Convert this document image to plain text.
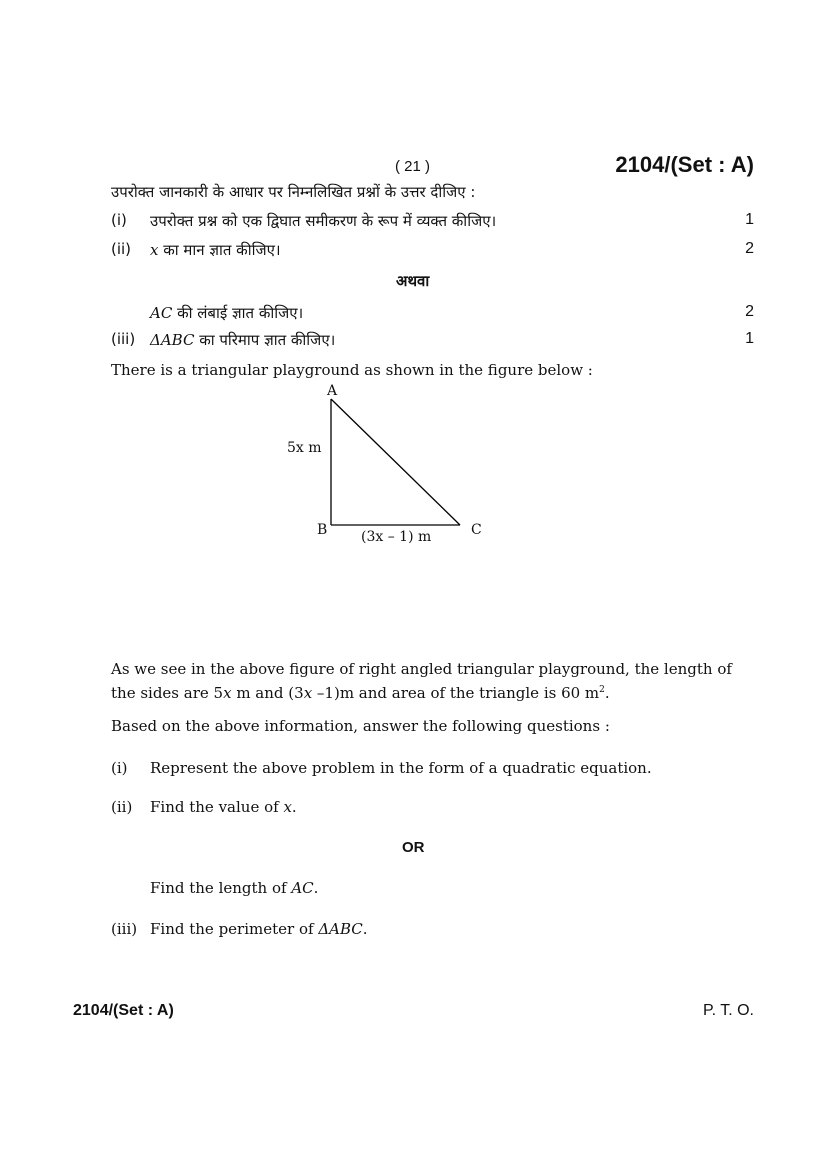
( 21 )	2104/(Set : A)
उपरोक्त जानकारी के आधार पर निम्नलिखित प्रश्नों के उत्तर दीजिए :
(i) उपरोक्त प्रश्न को एक द्विघात समीकरण के रूप में व्यक्त कीजिए।	1
(ii) x का मान ज्ञात कीजिए।	2
अथवा
AC की लंबाई ज्ञात कीजिए।	2
(iii) ΔABC का परिमाप ज्ञात कीजिए।	1
There is a triangular playground as shown in the figure below :
A
B	C
5x m
(3x – 1) m
As we see in the above figure of right angled triangular playground, the length of
the sides are 5x m and (3x –1)m and area of the triangle is 60 $m^2$.
Based on the above information, answer the following questions :
(i) Represent the above problem in the form of a quadratic equation.
(ii) Find the value of x.
OR
Find the length of AC.
(iii) Find the perimeter of ΔABC.
2104/(Set : A)	P. T. O.
